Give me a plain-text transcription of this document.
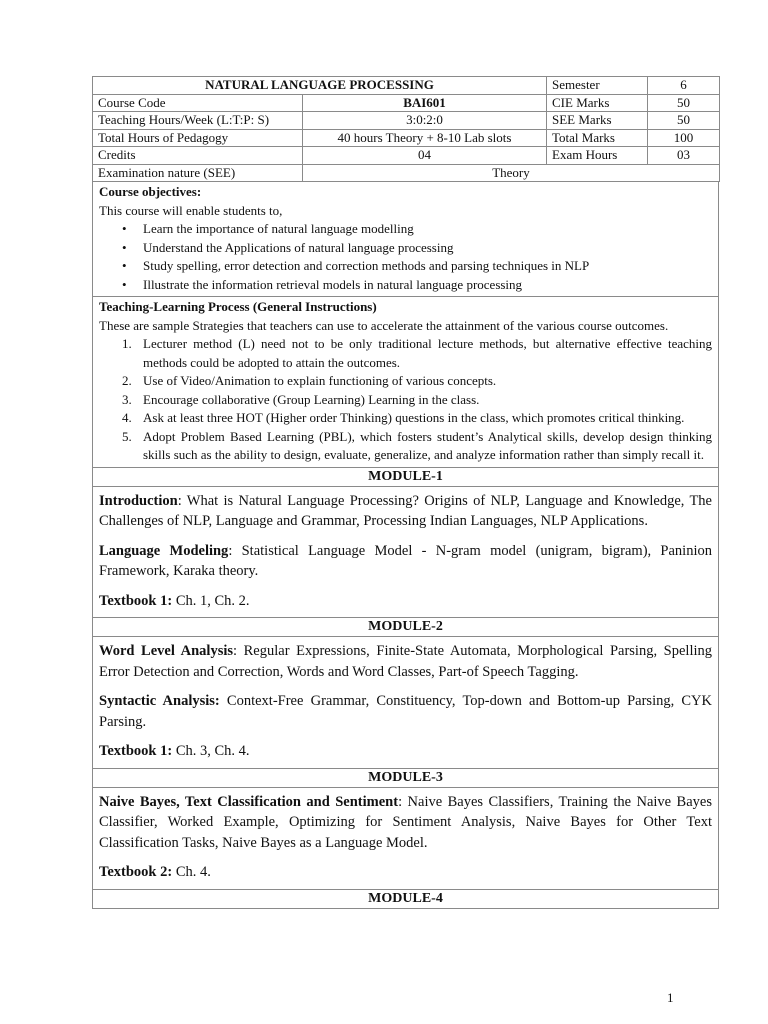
NATURAL LANGUAGE PROCESSING		Semester	6
Course Code	BAI601	CIE Marks	50
Teaching Hours/Week (L:T:P: S)	3:0:2:0	SEE Marks	50
Total Hours of Pedagogy	40 hours Theory + 8-10 Lab slots	Total Marks	100
Credits	04	Exam Hours	03
Examination nature (SEE)	Theory		
Course objectives:
This course will enable students to,
• Learn the importance of natural language modelling
• Understand the Applications of natural language processing
• Study spelling, error detection and correction methods and parsing techniques in NLP
• Illustrate the information retrieval models in natural language processing
Teaching-Learning Process (General Instructions)
These are sample Strategies that teachers can use to accelerate the attainment of the various course outcomes.
1. Lecturer method (L) need not to be only traditional lecture methods, but alternative effective teaching methods could be adopted to attain the outcomes.
2. Use of Video/Animation to explain functioning of various concepts.
3. Encourage collaborative (Group Learning) Learning in the class.
4. Ask at least three HOT (Higher order Thinking) questions in the class, which promotes critical thinking.
5. Adopt Problem Based Learning (PBL), which fosters student’s Analytical skills, develop design thinking skills such as the ability to design, evaluate, generalize, and analyze information rather than simply recall it.
MODULE-1

Introduction: What is Natural Language Processing? Origins of NLP, Language and Knowledge, The Challenges of NLP, Language and Grammar, Processing Indian Languages, NLP Applications.

Language Modeling: Statistical Language Model - N-gram model (unigram, bigram), Paninion Framework, Karaka theory.

Textbook 1: Ch. 1, Ch. 2.

MODULE-2

Word Level Analysis: Regular Expressions, Finite-State Automata, Morphological Parsing, Spelling Error Detection and Correction, Words and Word Classes, Part-of Speech Tagging.

Syntactic Analysis: Context-Free Grammar, Constituency, Top-down and Bottom-up Parsing, CYK Parsing.

Textbook 1: Ch. 3, Ch. 4.

MODULE-3

Naive Bayes, Text Classification and Sentiment: Naive Bayes Classifiers, Training the Naive Bayes Classifier, Worked Example, Optimizing for Sentiment Analysis, Naive Bayes for Other Text Classification Tasks, Naive Bayes as a Language Model.

Textbook 2: Ch. 4.

MODULE-4
1
